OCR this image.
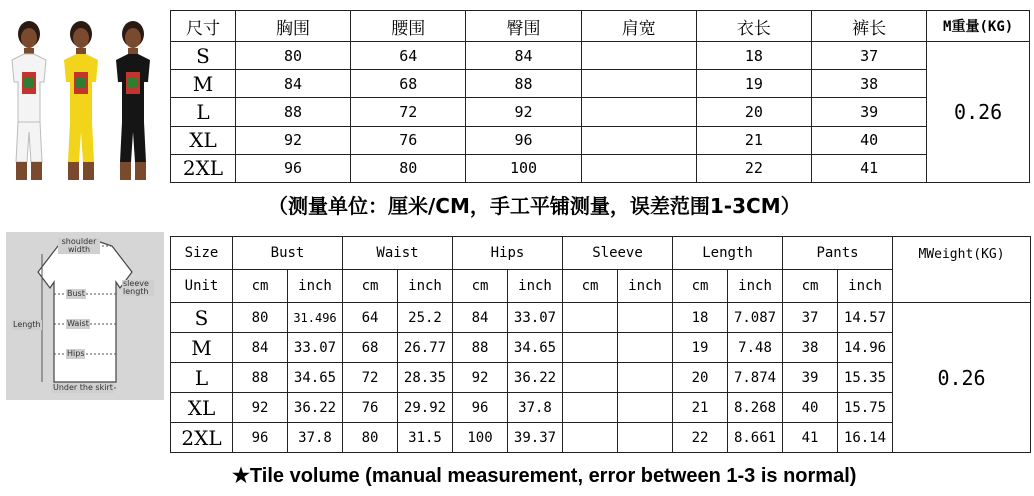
尺寸	胸围	腰围	臀围	肩宽	衣长	裤长	M重量(KG)
S	80	64	84		18	37	0.26
M	84	68	88		19	38	
L	88	72	92		20	39	
XL	92	76	96		21	40	
2XL	96	80	100		22	41	
（测量单位：厘米/CM，手工平铺测量，误差范围1-3CM）
shoulder width
sleeve length
Bust
Waist
Hips
Length
Under the skirt
Size	Bust		Waist		Hips		Sleeve		Length		Pants		MWeight(KG)
Unit	cm	inch	cm	inch	cm	inch	cm	inch	cm	inch	cm	inch	
S	80	31.496	64	25.2	84	33.07			18	7.087	37	14.57	0.26
M	84	33.07	68	26.77	88	34.65			19	7.48	38	14.96	
L	88	34.65	72	28.35	92	36.22			20	7.874	39	15.35	
XL	92	36.22	76	29.92	96	37.8			21	8.268	40	15.75	
2XL	96	37.8	80	31.5	100	39.37			22	8.661	41	16.14	
★Tile volume (manual measurement, error between 1-3 is normal)
